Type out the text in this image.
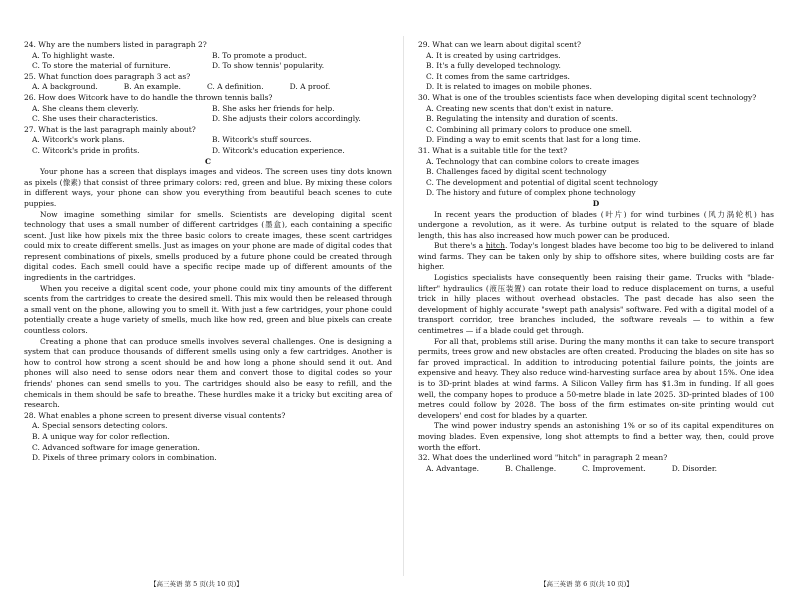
24. Why are the numbers listed in paragraph 2?

A. To highlight waste.	B. To promote a product.

C. To store the material of furniture.	D. To show tennis' popularity.

25. What function does paragraph 3 act as?

A. A background.	B. An example.	C. A definition.	D. A proof.

26. How does Witcork have to do handle the thrown tennis balls?

A. She cleans them cleverly.	B. She asks her friends for help.

C. She uses their characteristics.	D. She adjusts their colors accordingly.

27. What is the last paragraph mainly about?

A. Witcork's work plans.	B. Witcork's stuff sources.

C. Witcork's pride in profits.	D. Witcork's education experience.

C

Your phone has a screen that displays images and videos. The screen uses tiny dots known as pixels (像素) that consist of three primary colors: red, green and blue. By mixing these colors in different ways, your phone can show you everything from beautiful beach scenes to cute puppies.

Now imagine something similar for smells. Scientists are developing digital scent technology that uses a small number of different cartridges (墨盒), each containing a specific scent. Just like how pixels mix the three basic colors to create images, these scent cartridges could mix to create different smells. Just as images on your phone are made of digital codes that represent combinations of pixels, smells produced by a future phone could be created through digital codes. Each smell could have a specific recipe made up of different amounts of the ingredients in the cartridges.

When you receive a digital scent code, your phone could mix tiny amounts of the different scents from the cartridges to create the desired smell. This mix would then be released through a small vent on the phone, allowing you to smell it. With just a few cartridges, your phone could potentially create a huge variety of smells, much like how red, green and blue pixels can create countless colors.

Creating a phone that can produce smells involves several challenges. One is designing a system that can produce thousands of different smells using only a few cartridges. Another is how to control how strong a scent should be and how long a phone should send it out. And phones will also need to sense odors near them and convert those to digital codes so your friends' phones can send smells to you. The cartridges should also be easy to refill, and the chemicals in them should be safe to breathe. These hurdles make it a tricky but exciting area of research.

28. What enables a phone screen to present diverse visual contents?

A. Special sensors detecting colors.

B. A unique way for color reflection.

C. Advanced software for image generation.

D. Pixels of three primary colors in combination.

29. What can we learn about digital scent?

A. It is created by using cartridges.

B. It's a fully developed technology.

C. It comes from the same cartridges.

D. It is related to images on mobile phones.

30. What is one of the troubles scientists face when developing digital scent technology?

A. Creating new scents that don't exist in nature.

B. Regulating the intensity and duration of scents.

C. Combining all primary colors to produce one smell.

D. Finding a way to emit scents that last for a long time.

31. What is a suitable title for the text?

A. Technology that can combine colors to create images

B. Challenges faced by digital scent technology

C. The development and potential of digital scent technology

D. The history and future of complex phone technology

D

In recent years the production of blades (叶片) for wind turbines (风力涡轮机) has undergone a revolution, as it were. As turbine output is related to the square of blade length, this has also increased how much power can be produced.

But there's a hitch. Today's longest blades have become too big to be delivered to inland wind farms. They can be taken only by ship to offshore sites, where building costs are far higher.

Logistics specialists have consequently been raising their game. Trucks with "blade-lifter" hydraulics (液压装置) can rotate their load to reduce displacement on turns, a useful trick in hilly places without overhead obstacles. The past decade has also seen the development of highly accurate "swept path analysis" software. Fed with a digital model of a transport corridor, tree branches included, the software reveals — to within a few centimetres — if a blade could get through.

For all that, problems still arise. During the many months it can take to secure transport permits, trees grow and new obstacles are often created. Producing the blades on site has so far proved impractical. In addition to introducing potential failure points, the joints are expensive and heavy. They also reduce wind-harvesting surface area by about 15%. One idea is to 3D-print blades at wind farms. A Silicon Valley firm has $1.3m in funding. If all goes well, the company hopes to produce a 50-metre blade in late 2025. 3D-printed blades of 100 metres could follow by 2028. The boss of the firm estimates on-site printing would cut developers' end cost for blades by a quarter.

The wind power industry spends an astonishing 1% or so of its capital expenditures on moving blades. Even expensive, long shot attempts to find a better way, then, could prove worth the effort.

32. What does the underlined word "hitch" in paragraph 2 mean?

A. Advantage.	B. Challenge.	C. Improvement.	D. Disorder.

【高三英语 第 5 页(共 10 页)】	【高三英语 第 6 页(共 10 页)】
